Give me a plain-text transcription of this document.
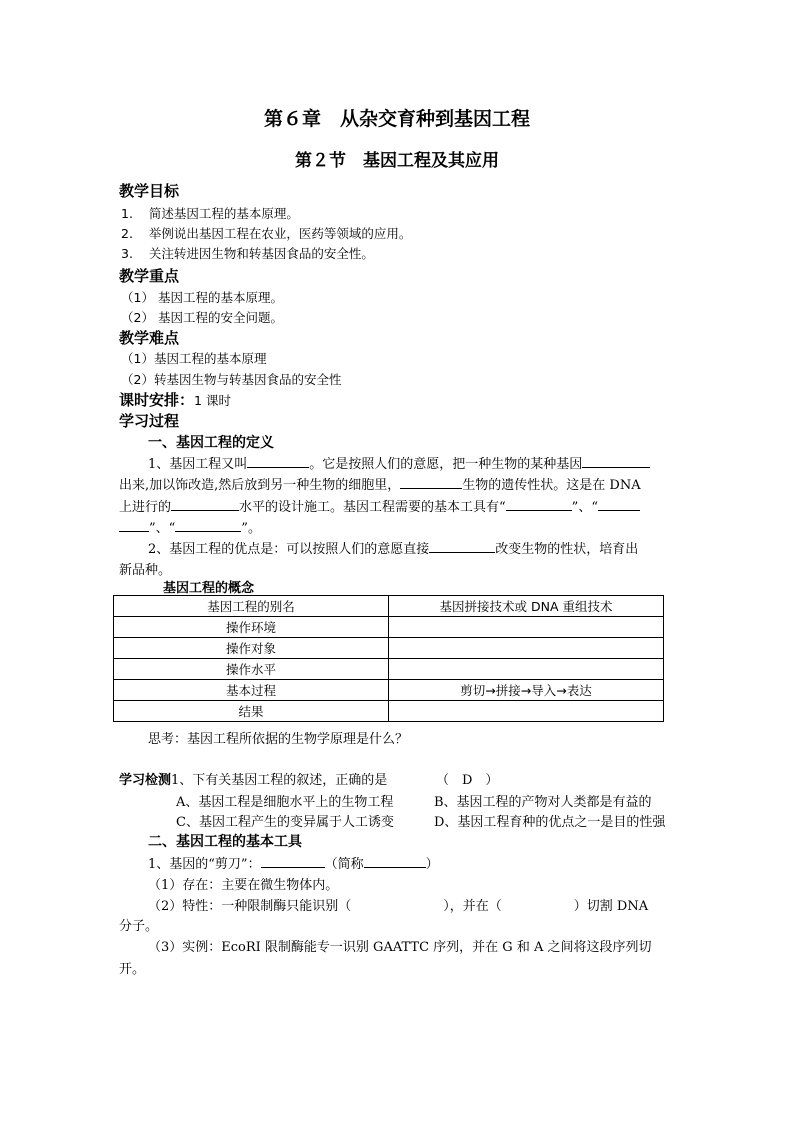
第６章　从杂交育种到基因工程
第２节　基因工程及其应用
教学目标
1. 简述基因工程的基本原理。
2. 举例说出基因工程在农业，医药等领域的应用。
3. 关注转进因生物和转基因食品的安全性。
教学重点
（1） 基因工程的基本原理。
（2） 基因工程的安全问题。
教学难点
（1）基因工程的基本原理
（2）转基因生物与转基因食品的安全性
课时安排：1 课时
学习过程
一、基因工程的定义
1、基因工程又叫	。它是按照人们的意愿，把一种生物的某种基因
出来,加以饰改造,然后放到另一种生物的细胞里，	生物的遗传性状。这是在 DNA
上进行的	水平的设计施工。基因工程需要的基本工具有“	”、“
”、“	”。
2、基因工程的优点是：可以按照人们的意愿直接	改变生物的性状，培育出
新品种。
基因工程的概念
基因工程的别名	基因拼接技术或 DNA 重组技术
操作环境	
操作对象	
操作水平	
基本过程	剪切→拼接→导入→表达
结果	
思考：基因工程所依据的生物学原理是什么？
学习检测1、下有关基因工程的叙述，正确的是	（　D　）
A、基因工程是细胞水平上的生物工程	B、基因工程的产物对人类都是有益的
C、基因工程产生的变异属于人工诱变	D、基因工程育种的优点之一是目的性强
二、基因工程的基本工具
1、基因的“剪刀”：	（简称	）
（1）存在：主要在微生物体内。
（2）特性：一种限制酶只能识别（	），并在（	）切割 DNA
分子。
（3）实例：EcoRI 限制酶能专一识别 GAATTC 序列，并在 G 和 A 之间将这段序列切
开。
